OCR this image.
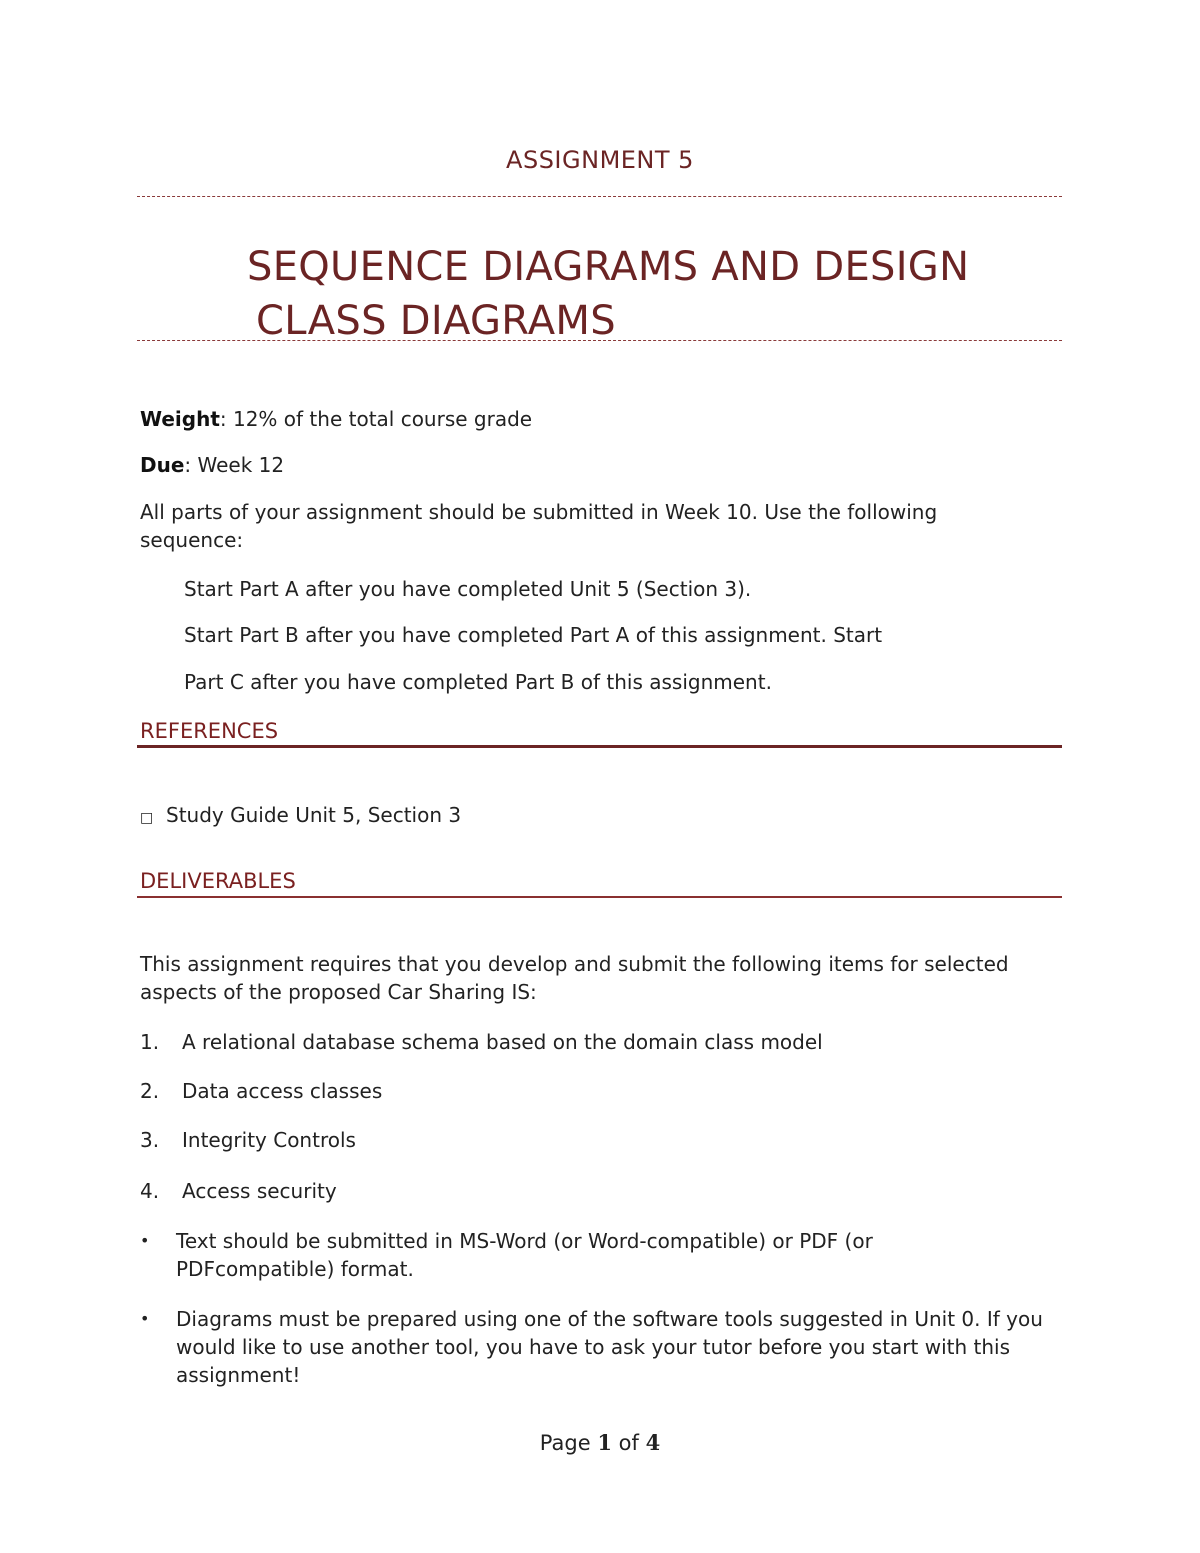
ASSIGNMENT 5
SEQUENCE DIAGRAMS AND DESIGN
CLASS DIAGRAMS
Weight: 12% of the total course grade
Due: Week 12
All parts of your assignment should be submitted in Week 10. Use the following sequence:
Start Part A after you have completed Unit 5 (Section 3).
Start Part B after you have completed Part A of this assignment. Start
Part C after you have completed Part B of this assignment.
REFERENCES
□ Study Guide Unit 5, Section 3
DELIVERABLES
This assignment requires that you develop and submit the following items for selected aspects of the proposed Car Sharing IS:
1. A relational database schema based on the domain class model
2. Data access classes
3. Integrity Controls
4. Access security
•	Text should be submitted in MS-Word (or Word-compatible) or PDF (or PDFcompatible) format.
•	Diagrams must be prepared using one of the software tools suggested in Unit 0. If you would like to use another tool, you have to ask your tutor before you start with this assignment!
Page 1 of 4
